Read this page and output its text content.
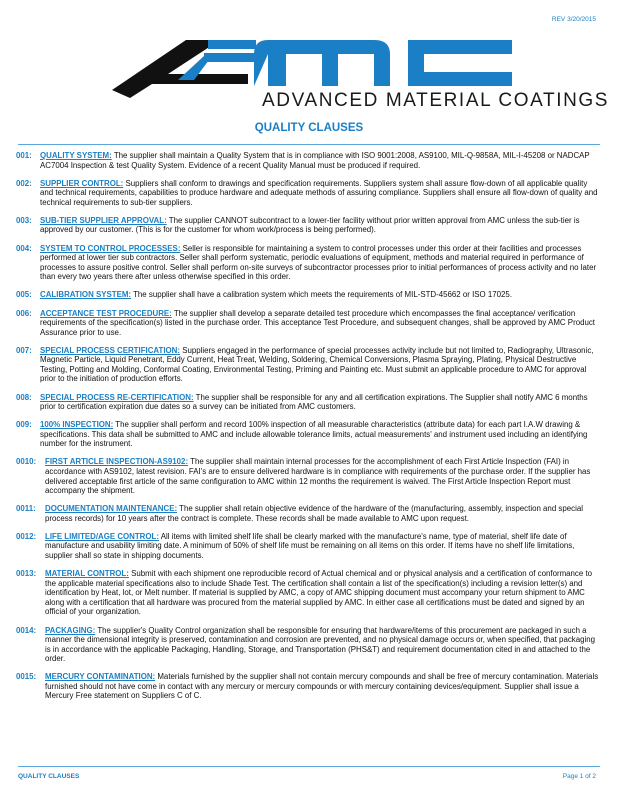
REV 3/20/2015
ADVANCED MATERIAL COATINGS
QUALITY CLAUSES
001:	QUALITY SYSTEM: The supplier shall maintain a Quality System that is in compliance with ISO 9001:2008, AS9100, MIL-Q-9858A, MIL-I-45208 or NADCAP AC7004 Inspection & test Quality System. Evidence of a recent Quality Manual must be produced if required.
002:	SUPPLIER CONTROL: Suppliers shall conform to drawings and specification requirements. Suppliers system shall assure flow-down of all applicable quality and technical requirements, capabilities to produce hardware and adequate methods of assuring compliance. Suppliers shall ensure all flow-down of quality and technical requirements to sub-tier suppliers.
003:	SUB-TIER SUPPLIER APPROVAL: The supplier CANNOT subcontract to a lower-tier facility without prior written approval from AMC unless the sub-tier is approved by our customer. (This is for the customer for whom work/process is being performed).
004:	SYSTEM TO CONTROL PROCESSES: Seller is responsible for maintaining a system to control processes under this order at their facilities and processes performed at lower tier sub contractors. Seller shall perform systematic, periodic evaluations of equipment, methods and material required in performance of processes to assure positive control. Seller shall perform on-site surveys of subcontractor processes prior to initial performances of process activity and no later than every two years there after unless otherwise specified in this order.
005:	CALIBRATION SYSTEM: The supplier shall have a calibration system which meets the requirements of MIL-STD-45662 or ISO 17025.
006:	ACCEPTANCE TEST PROCEDURE: The supplier shall develop a separate detailed test procedure which encompasses the final acceptance/ verification requirements of the specification(s) listed in the purchase order. This acceptance Test Procedure, and subsequent changes, shall be approved by AMC Product Assurance prior to use.
007:	SPECIAL PROCESS CERTIFICATION: Suppliers engaged in the performance of special processes activity include but not limited to, Radiography, Ultrasonic, Magnetic Particle, Liquid Penetrant, Eddy Current, Heat Treat, Welding, Soldering, Chemical Conversions, Plasma Spraying, Plating, Physical Destructive Testing, Potting and Molding, Conformal Coating, Environmental Testing, Priming and Painting etc. Must submit an applicable procedure to AMC for approval prior to the initiation of production efforts.
008:	SPECIAL PROCESS RE-CERTIFICATION: The supplier shall be responsible for any and all certification expirations. The Supplier shall notify AMC 6 months prior to certification expiration due dates so a survey can be initiated from AMC customers.
009:	100% INSPECTION: The supplier shall perform and record 100% inspection of all measurable characteristics (attribute data) for each part I.A.W drawing & specifications. This data shall be submitted to AMC and include allowable tolerance limits, actual measurements' and instrument used including an identifying number for the instrument.
0010:	FIRST ARTICLE INSPECTION-AS9102: The supplier shall maintain internal processes for the accomplishment of each First Article Inspection (FAI) in accordance with AS9102, latest revision. FAI's are to ensure delivered hardware is in compliance with requirements of the purchase order. If the supplier has delivered acceptable first article of the same configuration to AMC within 12 months the requirement is waived. The First Article Inspection Report must accompany the shipment.
0011:	DOCUMENTATION MAINTENANCE: The supplier shall retain objective evidence of the hardware of the (manufacturing, assembly, inspection and special process records) for 10 years after the contract is complete. These records shall be made available to AMC upon request.
0012:	LIFE LIMITED/AGE CONTROL: All items with limited shelf life shall be clearly marked with the manufacture's name, type of material, shelf life date of manufacture and usability limiting date. A minimum of 50% of shelf life must be remaining on all items on this order. If items have no shelf life limitations, supplier shall so state in shipping documents.
0013:	MATERIAL CONTROL: Submit with each shipment one reproducible record of Actual chemical and or physical analysis and a certification of conformance to the applicable material specifications also to include Shade Test. The certification shall contain a list of the specification(s) including a revision letter(s) and identification by Heat, lot, or Melt number. If material is supplied by AMC, a copy of AMC shipping document must accompany your return shipment to AMC along with a certification that all hardware was procured from the material supplied by AMC. In either case all certifications must be dated and signed by an official of your organization.
0014:	PACKAGING: The supplier's Quality Control organization shall be responsible for ensuring that hardware/items of this procurement are packaged in such a manner the dimensional integrity is preserved, contamination and corrosion are prevented, and no physical damage occurs or, when specified, that packaging is in accordance with the applicable Packaging, Handling, Storage, and Transportation (PHS&T) and requirement documentation cited in and attached to the order.
0015:	MERCURY CONTAMINATION: Materials furnished by the supplier shall not contain mercury compounds and shall be free of mercury contamination. Materials furnished should not have come in contact with any mercury or mercury compounds or with mercury containing devices/equipment. Supplier shall issue a Mercury Free statement on Suppliers C of C.
QUALITY CLAUSES	Page 1 of 2
